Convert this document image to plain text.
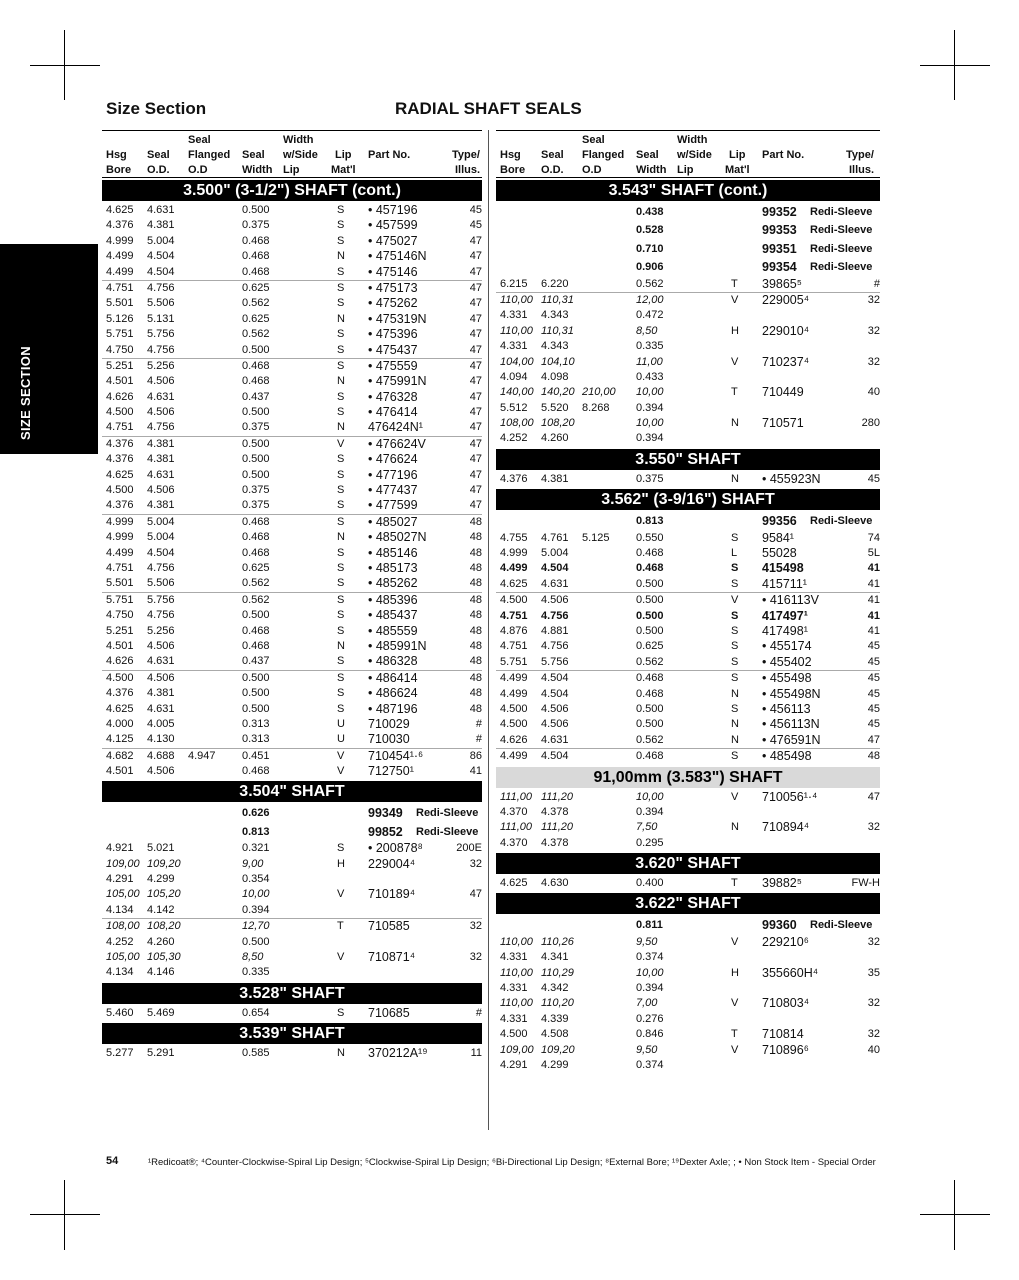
SIZE SECTION
Size Section	RADIAL SHAFT SEALS
Seal	Width
Hsg Seal Flanged Seal w/Side Lip Part No.	Type/
Bore O.D. O.D	Width Lip	Mat'l	Illus.
3.500" (3-1/2") SHAFT (cont.)
4.625 4.631	0.500	S • 457196	45
4.376 4.381	0.375	S • 457599	45
4.999 5.004	0.468	S • 475027	47
4.499 4.504	0.468	N • 475146N	47
4.499 4.504	0.468	S • 475146	47
4.751 4.756	0.625	S • 475173	47
5.501 5.506	0.562	S • 475262	47
5.126 5.131	0.625	N • 475319N	47
5.751 5.756	0.562	S • 475396	47
4.750 4.756	0.500	S • 475437	47
5.251 5.256	0.468	S • 475559	47
4.501 4.506	0.468	N • 475991N	47
4.626 4.631	0.437	S • 476328	47
4.500 4.506	0.500	S • 476414	47
4.751 4.756	0.375	N 476424N¹	47
4.376 4.381	0.500	V • 476624V	47
4.376 4.381	0.500	S • 476624	47
4.625 4.631	0.500	S • 477196	47
4.500 4.506	0.375	S • 477437	47
4.376 4.381	0.375	S • 477599	47
4.999 5.004	0.468	S • 485027	48
4.999 5.004	0.468	N • 485027N	48
4.499 4.504	0.468	S • 485146	48
4.751 4.756	0.625	S • 485173	48
5.501 5.506	0.562	S • 485262	48
5.751 5.756	0.562	S • 485396	48
4.750 4.756	0.500	S • 485437	48
5.251 5.256	0.468	S • 485559	48
4.501 4.506	0.468	N • 485991N	48
4.626 4.631	0.437	S • 486328	48
4.500 4.506	0.500	S • 486414	48
4.376 4.381	0.500	S • 486624	48
4.625 4.631	0.500	S • 487196	48
4.000 4.005	0.313	U 710029	#
4.125 4.130	0.313	U 710030	#
4.682 4.688 4.947 0.451	V 710454¹·⁶	86
4.501 4.506	0.468	V 712750¹	41
3.504" SHAFT
0.626	99349 Redi-Sleeve
0.813	99852 Redi-Sleeve
4.921 5.021	0.321	S • 200878⁸	200E
109,00 109,20	9,00	H 229004⁴	32
4.291 4.299	0.354
105,00 105,20	10,00	V 710189⁴	47
4.134 4.142	0.394
108,00 108,20	12,70	T 710585	32
4.252 4.260	0.500
105,00 105,30	8,50	V 710871⁴	32
4.134 4.146	0.335
3.528" SHAFT
5.460 5.469	0.654	S 710685	#
3.539" SHAFT
5.277 5.291	0.585	N 370212A¹⁹	11
Seal	Width
Hsg Seal Flanged Seal w/Side Lip Part No.	Type/
Bore O.D. O.D	Width Lip	Mat'l	Illus.
3.543" SHAFT (cont.)
0.438	99352 Redi-Sleeve
0.528	99353 Redi-Sleeve
0.710	99351 Redi-Sleeve
0.906	99354 Redi-Sleeve
6.215 6.220	0.562	T 39865⁵	#
110,00 110,31	12,00	V 229005⁴	32
4.331 4.343	0.472
110,00 110,31	8,50	H 229010⁴	32
4.331 4.343	0.335
104,00 104,10	11,00	V 710237⁴	32
4.094 4.098	0.433
140,00 140,20 210,00 10,00	T 710449	40
5.512 5.520 8.268 0.394
108,00 108,20	10,00	N 710571	280
4.252 4.260	0.394
3.550" SHAFT
4.376 4.381	0.375	N • 455923N	45
3.562" (3-9/16") SHAFT
0.813	99356 Redi-Sleeve
4.755 4.761 5.125 0.550	S 9584¹	74
4.999 5.004	0.468	L 55028	5L
4.499 4.504	0.468	S 415498	41
4.625 4.631	0.500	S 415711¹	41
4.500 4.506	0.500	V • 416113V	41
4.751 4.756	0.500	S 417497¹	41
4.876 4.881	0.500	S 417498¹	41
4.751 4.756	0.625	S • 455174	45
5.751 5.756	0.562	S • 455402	45
4.499 4.504	0.468	S • 455498	45
4.499 4.504	0.468	N • 455498N	45
4.500 4.506	0.500	S • 456113	45
4.500 4.506	0.500	N • 456113N	45
4.626 4.631	0.562	N • 476591N	47
4.499 4.504	0.468	S • 485498	48
91,00mm (3.583") SHAFT
111,00 111,20	10,00	V 710056¹·⁴	47
4.370 4.378	0.394
111,00 111,20	7,50	N 710894⁴	32
4.370 4.378	0.295
3.620" SHAFT
4.625 4.630	0.400	T 39882⁵	FW-H
3.622" SHAFT
0.811	99360 Redi-Sleeve
110,00 110,26	9,50	V 229210⁶	32
4.331 4.341	0.374
110,00 110,29	10,00	H 355660H⁴	35
4.331 4.342	0.394
110,00 110,20	7,00	V 710803⁴	32
4.331 4.339	0.276
4.500 4.508	0.846	T 710814	32
109,00 109,20	9,50	V 710896⁶	40
4.291 4.299	0.374
54	¹Redicoat®; ⁴Counter-Clockwise-Spiral Lip Design; ⁵Clockwise-Spiral Lip Design; ⁶Bi-Directional Lip Design; ⁸External Bore; ¹⁹Dexter Axle; ; • Non Stock Item - Special Order
